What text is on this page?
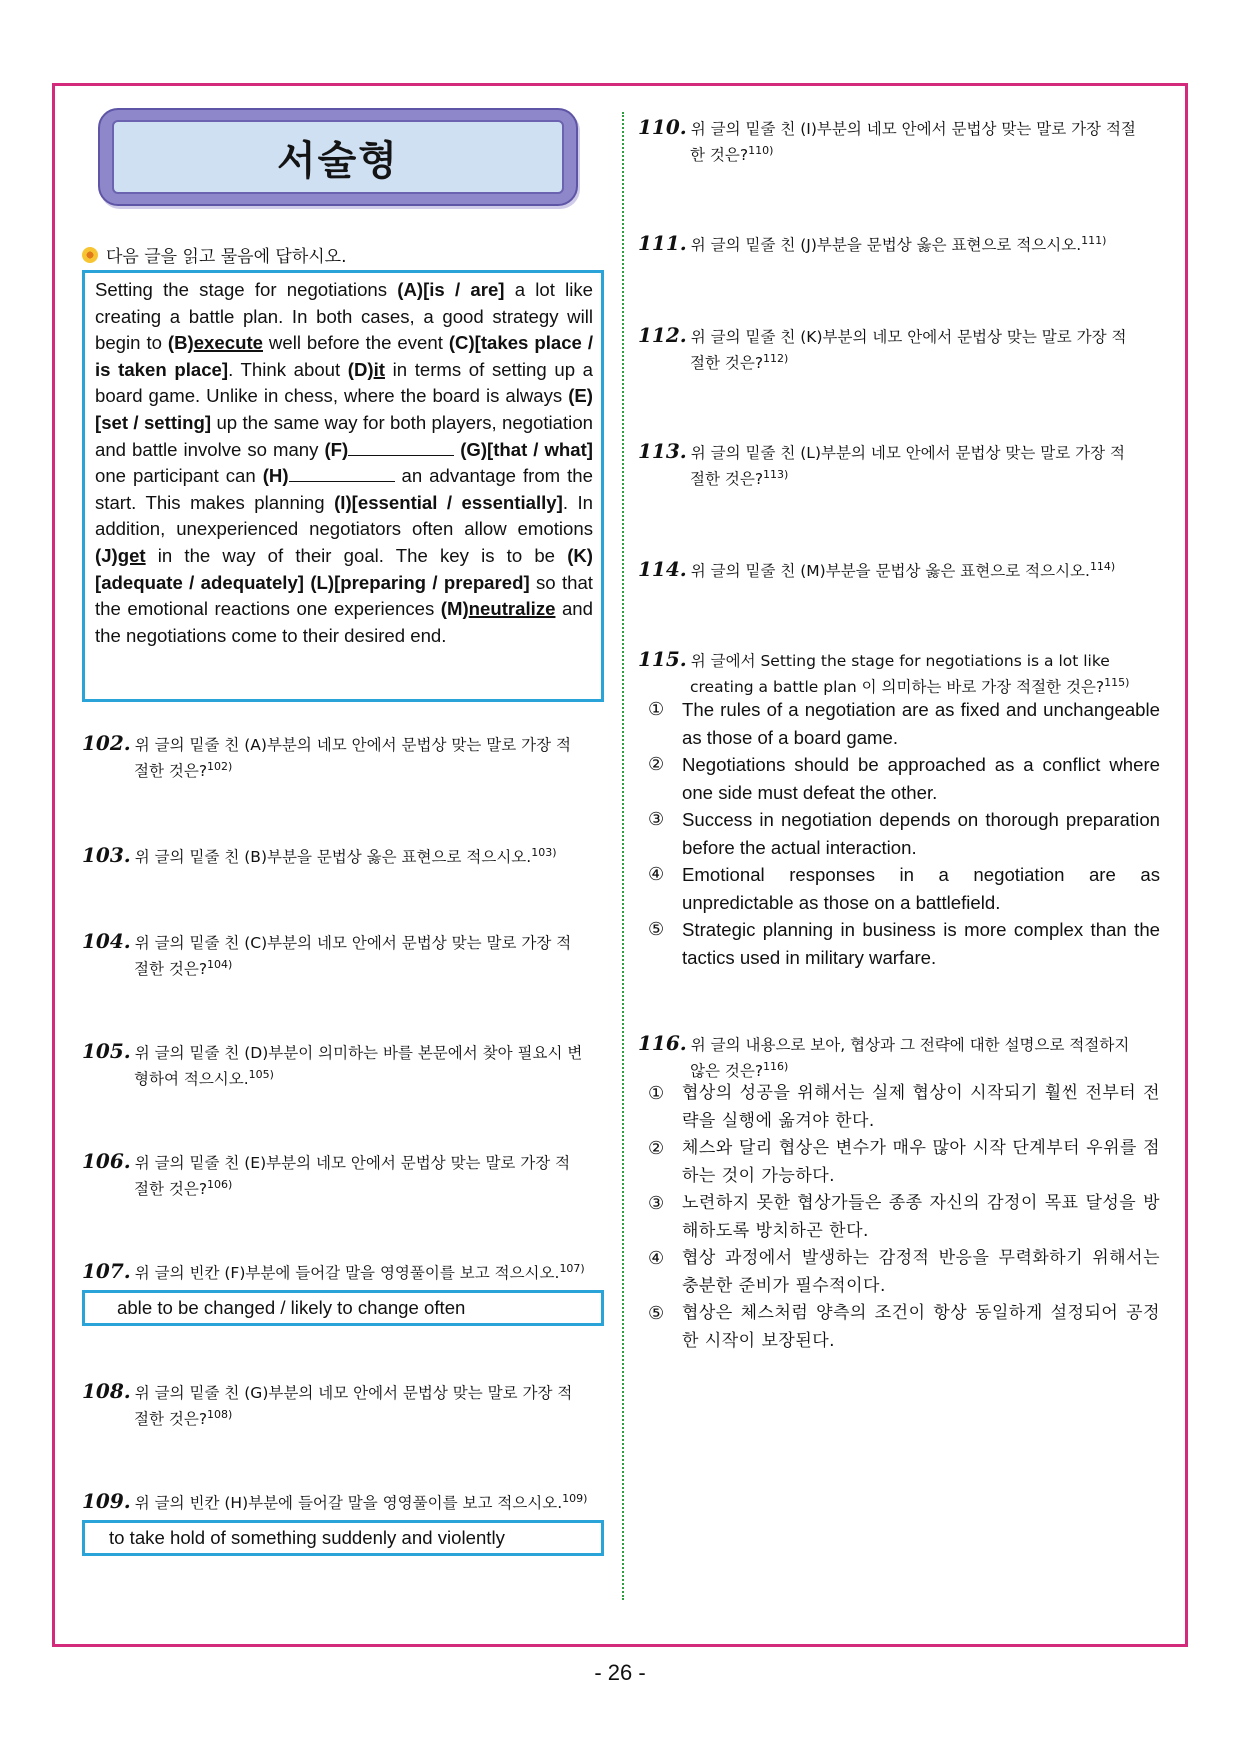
서술형
다음 글을 읽고 물음에 답하시오.
Setting the stage for negotiations (A)[is / are] a lot like creating a battle plan. In both cases, a good strategy will begin to (B)execute well before the event (C)[takes place / is taken place]. Think about (D)it in terms of setting up a board game. Unlike in chess, where the board is always (E)[set / setting] up the same way for both players, negotiation and battle involve so many (F)	(G)[that / what] one participant can (H)	an advantage from the start. This makes planning (I)[essential / essentially]. In addition, unexperienced negotiators often allow emotions (J)get in the way of their goal. The key is to be (K)[adequate / adequately] (L)[preparing / prepared] so that the emotional reactions one experiences (M)neutralize and the negotiations come to their desired end.
102. 위 글의 밑줄 친 (A)부분의 네모 안에서 문법상 맞는 말로 가장 적
절한 것은?$^{102)}$
103. 위 글의 밑줄 친 (B)부분을 문법상 옳은 표현으로 적으시오.$^{103)}$
104. 위 글의 밑줄 친 (C)부분의 네모 안에서 문법상 맞는 말로 가장 적
절한 것은?$^{104)}$
105. 위 글의 밑줄 친 (D)부분이 의미하는 바를 본문에서 찾아 필요시 변
형하여 적으시오.$^{105)}$
106. 위 글의 밑줄 친 (E)부분의 네모 안에서 문법상 맞는 말로 가장 적
절한 것은?$^{106)}$
107. 위 글의 빈칸 (F)부분에 들어갈 말을 영영풀이를 보고 적으시오.$^{107)}$
able to be changed / likely to change often
108. 위 글의 밑줄 친 (G)부분의 네모 안에서 문법상 맞는 말로 가장 적
절한 것은?$^{108)}$
109. 위 글의 빈칸 (H)부분에 들어갈 말을 영영풀이를 보고 적으시오.$^{109)}$
to take hold of something suddenly and violently
110. 위 글의 밑줄 친 (I)부분의 네모 안에서 문법상 맞는 말로 가장 적절
한 것은?$^{110)}$
111. 위 글의 밑줄 친 (J)부분을 문법상 옳은 표현으로 적으시오.$^{111)}$
112. 위 글의 밑줄 친 (K)부분의 네모 안에서 문법상 맞는 말로 가장 적
절한 것은?$^{112)}$
113. 위 글의 밑줄 친 (L)부분의 네모 안에서 문법상 맞는 말로 가장 적
절한 것은?$^{113)}$
114. 위 글의 밑줄 친 (M)부분을 문법상 옳은 표현으로 적으시오.$^{114)}$
115. 위 글에서 Setting the stage for negotiations is a lot like
creating a battle plan 이 의미하는 바로 가장 적절한 것은?$^{115)}$
① The rules of a negotiation are as fixed and unchangeable as those of a board game.
② Negotiations should be approached as a conflict where one side must defeat the other.
③ Success in negotiation depends on thorough preparation before the actual interaction.
④ Emotional responses in a negotiation are as unpredictable as those on a battlefield.
⑤ Strategic planning in business is more complex than the tactics used in military warfare.
116. 위 글의 내용으로 보아, 협상과 그 전략에 대한 설명으로 적절하지
않은 것은?$^{116)}$
①	협상의 성공을 위해서는 실제 협상이 시작되기 훨씬 전부터 전략을 실행에 옮겨야 한다.
②	체스와 달리 협상은 변수가 매우 많아 시작 단계부터 우위를 점하는 것이 가능하다.
③	노련하지 못한 협상가들은 종종 자신의 감정이 목표 달성을 방해하도록 방치하곤 한다.
④	협상 과정에서 발생하는 감정적 반응을 무력화하기 위해서는 충분한 준비가 필수적이다.
⑤	협상은 체스처럼 양측의 조건이 항상 동일하게 설정되어 공정한 시작이 보장된다.
- 26 -
